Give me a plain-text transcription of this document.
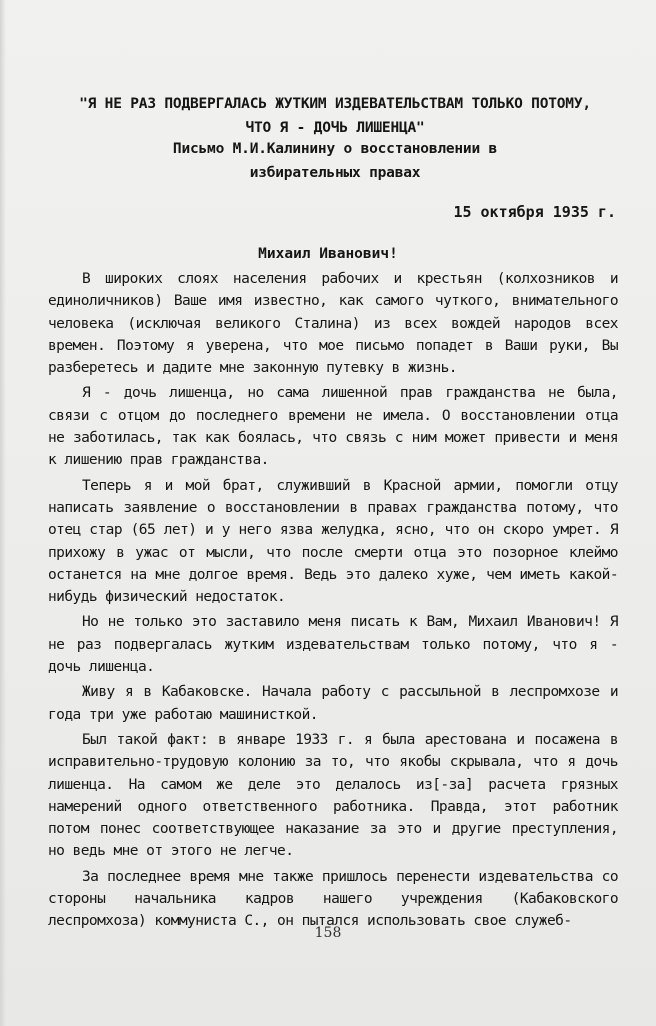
"Я НЕ РАЗ ПОДВЕРГАЛАСЬ ЖУТКИМ ИЗДЕВАТЕЛЬСТВАМ ТОЛЬКО ПОТОМУ,
ЧТО Я - ДОЧЬ ЛИШЕНЦА"
Письмо М.И.Калинину о восстановлении в
избирательных правах
15 октября 1935 г.
Михаил Иванович!

В широких слоях населения рабочих и крестьян (колхозников и единоличников) Ваше имя известно, как самого чуткого, внимательного человека (исключая великого Сталина) из всех вождей народов всех времен. Поэтому я уверена, что мое письмо попадет в Ваши руки, Вы разберетесь и дадите мне законную путевку в жизнь.

Я - дочь лишенца, но сама лишенной прав гражданства не была, связи с отцом до последнего времени не имела. О восстановлении отца не заботилась, так как боялась, что связь с ним может привести и меня к лишению прав гражданства.

Теперь я и мой брат, служивший в Красной армии, помогли отцу написать заявление о восстановлении в правах гражданства потому, что отец стар (65 лет) и у него язва желудка, ясно, что он скоро умрет. Я прихожу в ужас от мысли, что после смерти отца это позорное клеймо останется на мне долгое время. Ведь это далеко хуже, чем иметь какой-нибудь физический недостаток.

Но не только это заставило меня писать к Вам, Михаил Иванович! Я не раз подвергалась жутким издевательствам только потому, что я - дочь лишенца.

Живу я в Кабаковске. Начала работу с рассыльной в леспромхозе и года три уже работаю машинисткой.

Был такой факт: в январе 1933 г. я была арестована и посажена в исправительно-трудовую колонию за то, что якобы скрывала, что я дочь лишенца. На самом же деле это делалось из[-за] расчета грязных намерений одного ответственного работника. Правда, этот работник потом понес соответствующее наказание за это и другие преступления, но ведь мне от этого не легче.

За последнее время мне также пришлось перенести издевательства со стороны начальника кадров нашего учреждения (Кабаковского леспромхоза) коммуниста С., он пытался использовать свое служеб-

158
